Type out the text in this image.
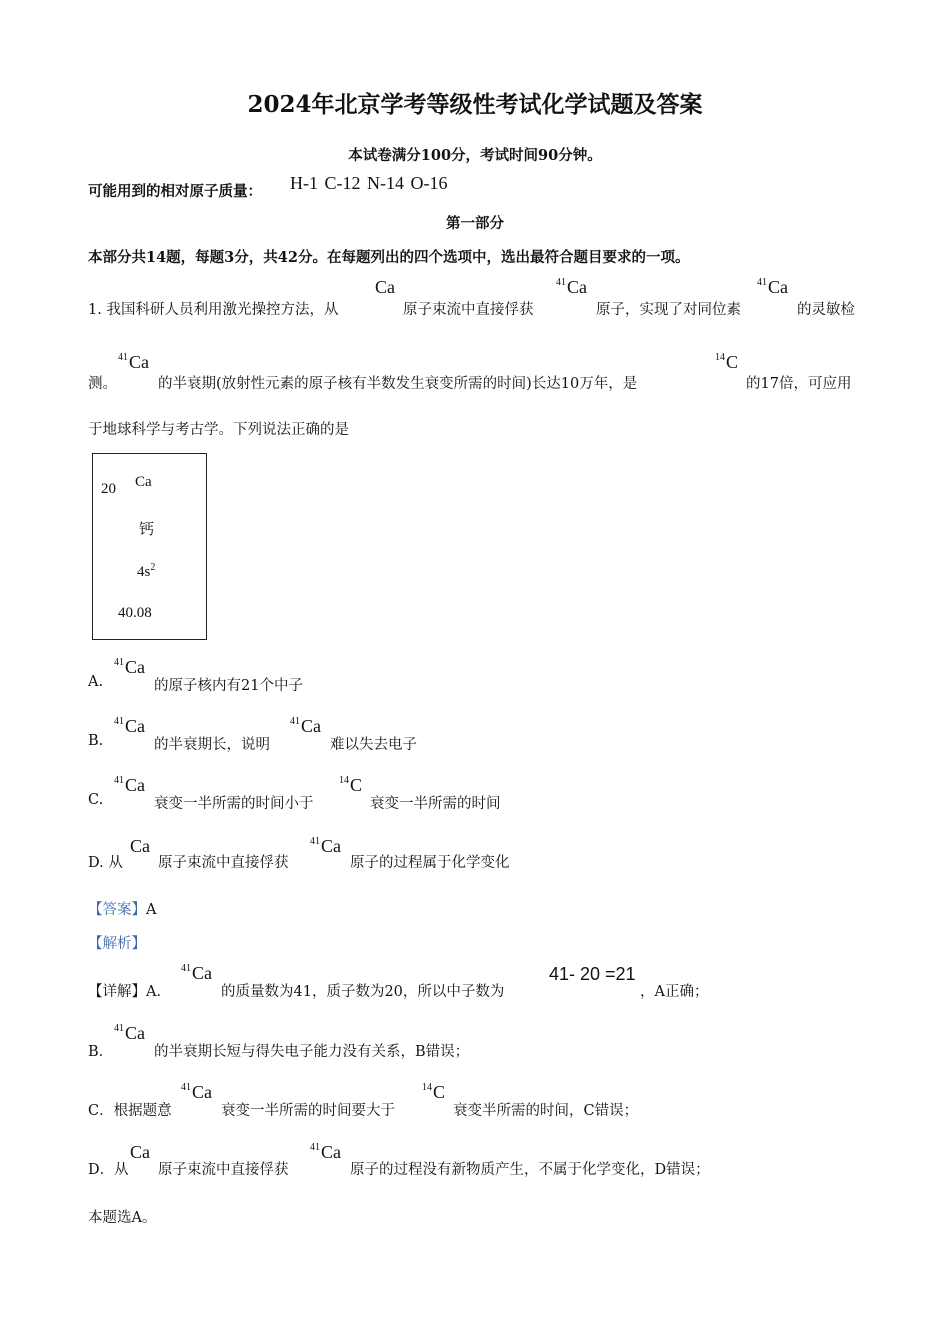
2024年北京学考等级性考试化学试题及答案
本试卷满分100分，考试时间90分钟。
可能用到的相对原子质量： H-1 C-12 N-14 O-16
第一部分
本部分共14题，每题3分，共42分。在每题列出的四个选项中，选出最符合题目要求的一项。
1. 我国科研人员利用激光操控方法，从
Ca
原子束流中直接俘获
$^{41}$Ca
原子，实现了对同位素
$^{41}$Ca
的灵敏检
测。
$^{41}$Ca
的半衰期(放射性元素的原子核有半数发生衰变所需的时间)长达10万年，是
$^{14}$C
的17倍，可应用
于地球科学与考古学。下列说法正确的是
20 Ca
钙
$4s^2$
40.08
A.
$^{41}$Ca
的原子核内有21个中子
B.
$^{41}$Ca
的半衰期长，说明
$^{41}$Ca
难以失去电子
C.
$^{41}$Ca
衰变一半所需的时间小于
$^{14}$C
衰变一半所需的时间
D. 从
Ca
原子束流中直接俘获
$^{41}$Ca
原子的过程属于化学变化
【答案】A
【解析】
【详解】A．
$^{41}$Ca
的质量数为41，质子数为20，所以中子数为
41- 20 =21
，A正确；
B．
$^{41}$Ca
的半衰期长短与得失电子能力没有关系，B错误；
C．根据题意
$^{41}$Ca
衰变一半所需的时间要大于
$^{14}$C
衰变半所需的时间，C错误；
D．从
Ca
原子束流中直接俘获
$^{41}$Ca
原子的过程没有新物质产生，不属于化学变化，D错误；
本题选A。
